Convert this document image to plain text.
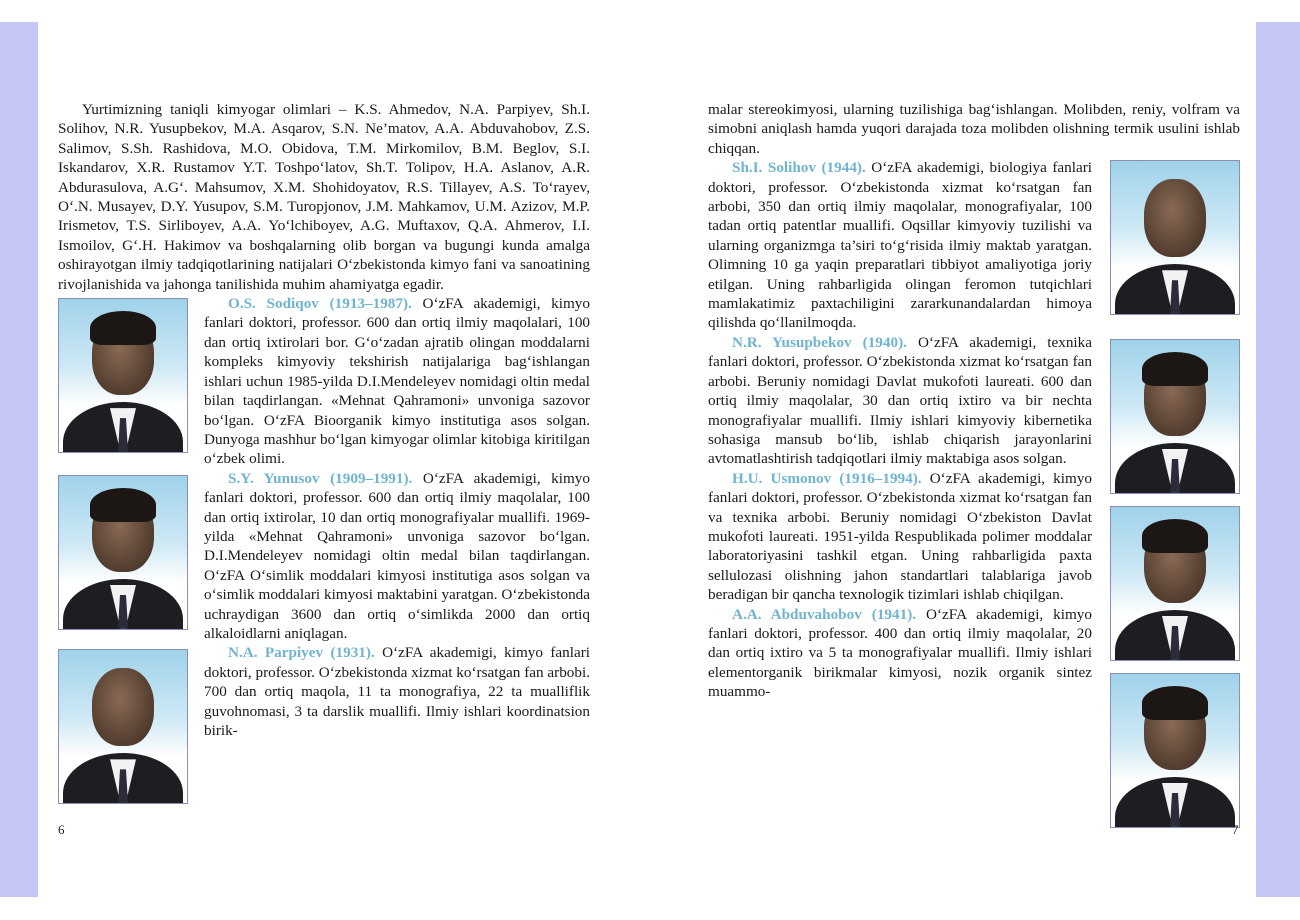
Yurtimizning taniqli kimyogar olimlari – K.S. Ahmedov, N.A. Parpiyev, Sh.I. Solihov, N.R. Yusupbekov, M.A. Asqarov, S.N. Ne’matov, A.A. Abduvahobov, Z.S. Salimov, S.Sh. Rashidova, M.O. Obidova, T.M. Mirkomilov, B.M. Beglov, S.I. Iskandarov, X.R. Rustamov Y.T. Toshpo‘latov, Sh.T. Tolipov, H.A. Aslanov, A.R. Abdurasulova, A.G‘. Mahsumov, X.M. Shohidoyatov, R.S. Tillayev, A.S. To‘rayev, O‘.N. Musayev, D.Y. Yusupov, S.M. Turopjonov, J.M. Mahkamov, U.M. Azizov, M.P. Irismetov, T.S. Sirliboyev, A.A. Yo‘lchiboyev, A.G. Muftaxov, Q.A. Ahmerov, I.I. Ismoilov, G‘.H. Hakimov va boshqalarning olib borgan va bugungi kunda amalga oshirayotgan ilmiy tadqiqotlarining natijalari O‘zbekistonda kimyo fani va sanoatining rivojlanishida va jahonga tanilishida muhim ahamiyatga egadir.

O.S. Sodiqov (1913–1987). O‘zFA akademigi, kimyo fanlari doktori, professor. 600 dan ortiq ilmiy maqolalari, 100 dan ortiq ixtirolari bor. G‘o‘zadan ajratib olingan moddalarni kompleks kimyoviy tekshirish natijalariga bag‘ishlangan ishlari uchun 1985-yilda D.I.Mendeleyev nomidagi oltin medal bilan taqdirlangan. «Mehnat Qahramoni» unvoniga sazovor bo‘lgan. O‘zFA Bioorganik kimyo institutiga asos solgan. Dunyoga mashhur bo‘lgan kimyogar olimlar kitobiga kiritilgan o‘zbek olimi.

S.Y. Yunusov (1909–1991). O‘zFA akademigi, kimyo fanlari doktori, professor. 600 dan ortiq ilmiy maqolalar, 100 dan ortiq ixtirolar, 10 dan ortiq monografiyalar muallifi. 1969-yilda «Mehnat Qahramoni» unvoniga sazovor bo‘lgan. D.I.Mendeleyev nomidagi oltin medal bilan taqdirlangan. O‘zFA O‘simlik moddalari kimyosi institutiga asos solgan va o‘simlik moddalari kimyosi maktabini yaratgan. O‘zbekistonda uchraydigan 3600 dan ortiq o‘simlikda 2000 dan ortiq alkaloidlarni aniqlagan.

N.A. Parpiyev (1931). O‘zFA akademigi, kimyo fanlari doktori, professor. O‘zbekistonda xizmat ko‘rsatgan fan arbobi. 700 dan ortiq maqola, 11 ta monografiya, 22 ta mualliflik guvohnomasi, 3 ta darslik muallifi. Ilmiy ishlari koordinatsion birik-

6

malar stereokimyosi, ularning tuzilishiga bag‘ishlangan. Molibden, reniy, volfram va simobni aniqlash hamda yuqori darajada toza molibden olishning termik usulini ishlab chiqqan.

Sh.I. Solihov (1944). O‘zFA akademigi, biologiya fanlari doktori, professor. O‘zbekistonda xizmat ko‘rsatgan fan arbobi, 350 dan ortiq ilmiy maqolalar, monografiyalar, 100 tadan ortiq patentlar muallifi. Oqsillar kimyoviy tuzilishi va ularning organizmga ta’siri to‘g‘risida ilmiy maktab yaratgan. Olimning 10 ga yaqin preparatlari tibbiyot amaliyotiga joriy etilgan. Uning rahbarligida olingan feromon tutqichlari mamlakatimiz paxtachiligini zararkunandalardan himoya qilishda qo‘llanilmoqda.

N.R. Yusupbekov (1940). O‘zFA akademigi, texnika fanlari doktori, professor. O‘zbekistonda xizmat ko‘rsatgan fan arbobi. Beruniy nomidagi Davlat mukofoti laureati. 600 dan ortiq ilmiy maqolalar, 30 dan ortiq ixtiro va bir nechta monografiyalar muallifi. Ilmiy ishlari kimyoviy kibernetika sohasiga mansub bo‘lib, ishlab chiqarish jarayonlarini avtomatlashtirish tadqiqotlari ilmiy maktabiga asos solgan.

H.U. Usmonov (1916–1994). O‘zFA akademigi, kimyo fanlari doktori, professor. O‘zbekistonda xizmat ko‘rsatgan fan va texnika arbobi. Beruniy nomidagi O‘zbekiston Davlat mukofoti laureati. 1951-yilda Respublikada polimer moddalar laboratoriyasini tashkil etgan. Uning rahbarligida paxta sellulozasi olishning jahon standartlari talablariga javob beradigan bir qancha texnologik tizimlari ishlab chiqilgan.

A.A. Abduvahobov (1941). O‘zFA akademigi, kimyo fanlari doktori, professor. 400 dan ortiq ilmiy maqolalar, 20 dan ortiq ixtiro va 5 ta monografiyalar muallifi. Ilmiy ishlari elementorganik birikmalar kimyosi, nozik organik sintez muammo-

7
